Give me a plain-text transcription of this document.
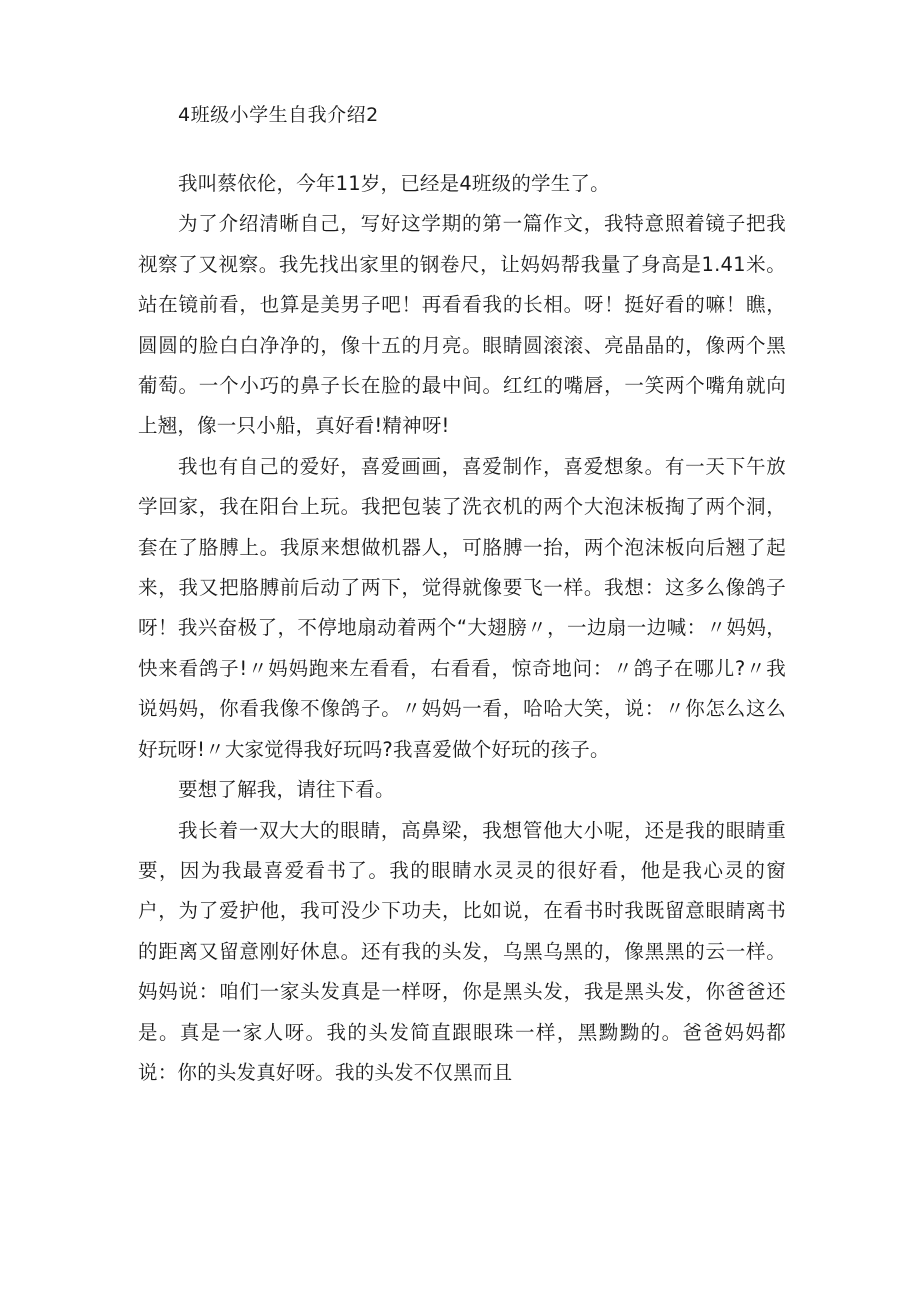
4班级小学生自我介绍2

我叫蔡依伦，今年11岁，已经是4班级的学生了。

为了介绍清晰自己，写好这学期的第一篇作文，我特意照着镜子把我视察了又视察。我先找出家里的钢卷尺，让妈妈帮我量了身高是1.41米。站在镜前看，也算是美男子吧！再看看我的长相。呀！挺好看的嘛！瞧，圆圆的脸白白净净的，像十五的月亮。眼睛圆滚滚、亮晶晶的，像两个黑葡萄。一个小巧的鼻子长在脸的最中间。红红的嘴唇，一笑两个嘴角就向上翘，像一只小船，真好看!精神呀!

我也有自己的爱好，喜爱画画，喜爱制作，喜爱想象。有一天下午放学回家，我在阳台上玩。我把包装了洗衣机的两个大泡沫板掏了两个洞，套在了胳膊上。我原来想做机器人，可胳膊一抬，两个泡沫板向后翘了起来，我又把胳膊前后动了两下，觉得就像要飞一样。我想：这多么像鸽子呀！我兴奋极了，不停地扇动着两个“大翅膀〃，一边扇一边喊：〃妈妈，快来看鸽子!〃妈妈跑来左看看，右看看，惊奇地问：〃鸽子在哪儿?〃我说妈妈，你看我像不像鸽子。〃妈妈一看，哈哈大笑，说：〃你怎么这么好玩呀!〃大家觉得我好玩吗?我喜爱做个好玩的孩子。

要想了解我，请往下看。

我长着一双大大的眼睛，高鼻梁，我想管他大小呢，还是我的眼睛重要，因为我最喜爱看书了。我的眼睛水灵灵的很好看，他是我心灵的窗户，为了爱护他，我可没少下功夫，比如说，在看书时我既留意眼睛离书的距离又留意刚好休息。还有我的头发，乌黑乌黑的，像黑黑的云一样。妈妈说：咱们一家头发真是一样呀，你是黑头发，我是黑头发，你爸爸还是。真是一家人呀。我的头发简直跟眼珠一样，黑黝黝的。爸爸妈妈都说：你的头发真好呀。我的头发不仅黑而且
